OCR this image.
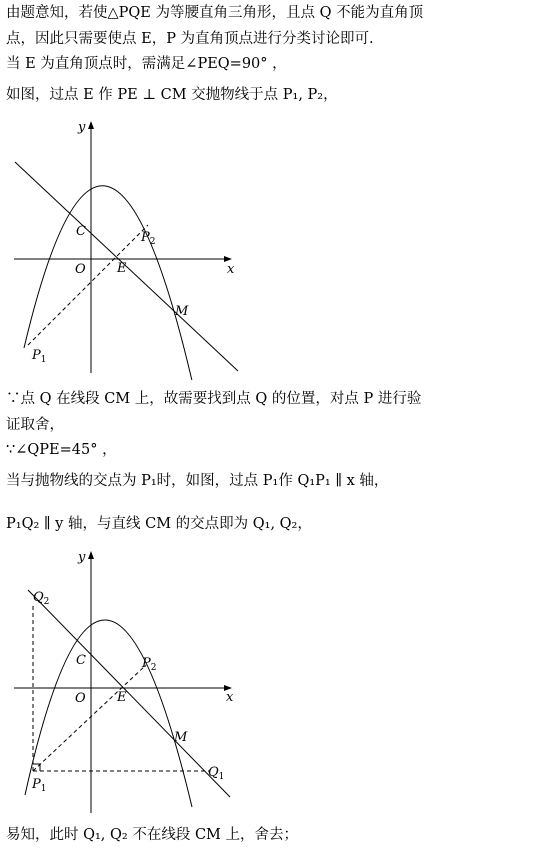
由题意知，若使△PQE 为等腰直角三角形，且点 Q 不能为直角顶
点，因此只需要使点 E，P 为直角顶点进行分类讨论即可.
当 E 为直角顶点时，需满足∠PEQ=90° ，
如图，过点 E 作 PE ⊥ CM 交抛物线于点 P₁, P₂，
y
x
C
O E
$P_2$
M
$P_1$
∵点 Q 在线段 CM 上，故需要找到点 Q 的位置，对点 P 进行验
证取舍，
∵∠QPE=45° ，
当与抛物线的交点为 P₁时，如图，过点 P₁作 Q₁P₁ ∥ x 轴，
P₁Q₂ ∥ y 轴，与直线 CM 的交点即为 Q₁, Q₂，
y
x
$Q_2$
C	$P_2$
O E
M
$Q_1$
$P_1$
易知，此时 Q₁, Q₂ 不在线段 CM 上，舍去；
